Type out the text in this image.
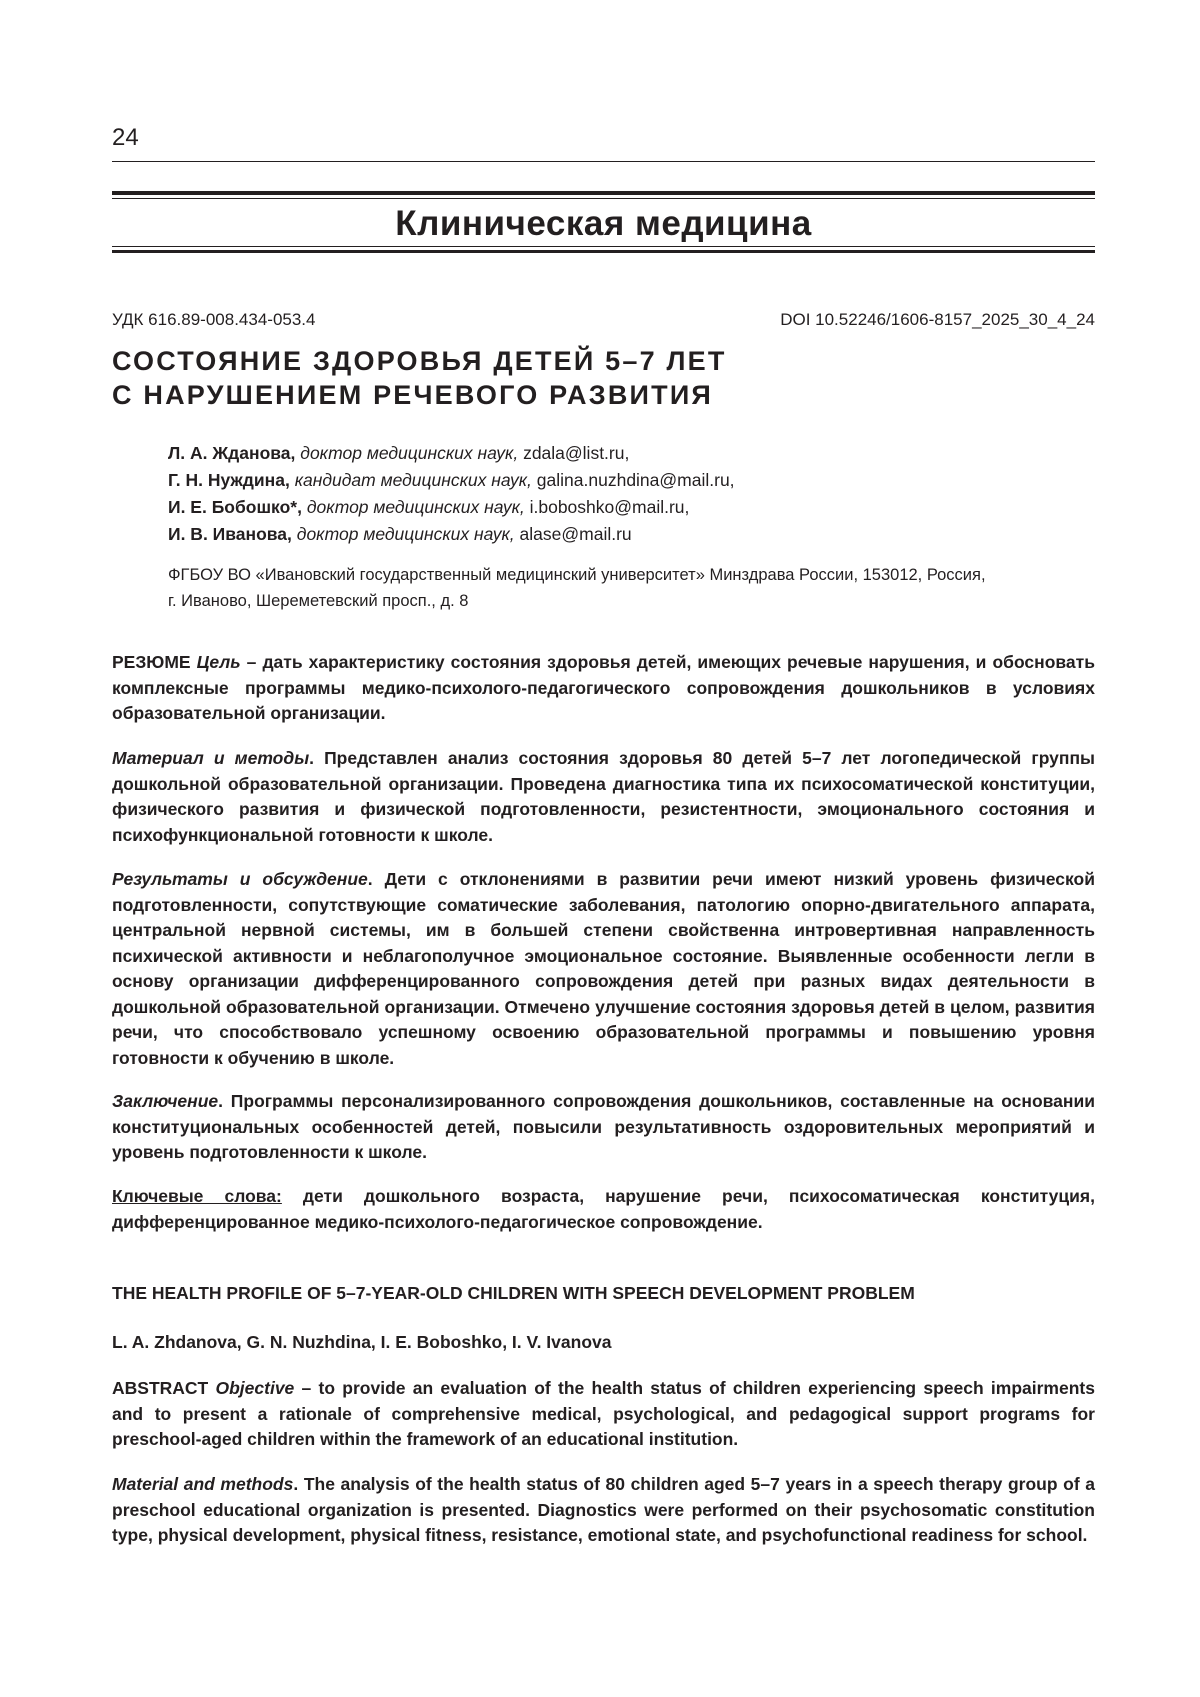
24
Клиническая медицина
УДК 616.89-008.434-053.4	DOI 10.52246/1606-8157_2025_30_4_24
СОСТОЯНИЕ ЗДОРОВЬЯ ДЕТЕЙ 5–7 ЛЕТ
С НАРУШЕНИЕМ РЕЧЕВОГО РАЗВИТИЯ
Л. А. Жданова, доктор медицинских наук, zdala@list.ru,
Г. Н. Нуждина, кандидат медицинских наук, galina.nuzhdina@mail.ru,
И. Е. Бобошко*, доктор медицинских наук, i.boboshko@mail.ru,
И. В. Иванова, доктор медицинских наук, alase@mail.ru
ФГБОУ ВО «Ивановский государственный медицинский университет» Минздрава России, 153012, Россия,
г. Иваново, Шереметевский просп., д. 8

РЕЗЮМЕ Цель – дать характеристику состояния здоровья детей, имеющих речевые нарушения, и обосновать комплексные программы медико-психолого-педагогического сопровождения дошкольников в условиях образовательной организации.

Материал и методы. Представлен анализ состояния здоровья 80 детей 5–7 лет логопедической группы дошкольной образовательной организации. Проведена диагностика типа их психосоматической конституции, физического развития и физической подготовленности, резистентности, эмоционального состояния и психофункциональной готовности к школе.

Результаты и обсуждение. Дети с отклонениями в развитии речи имеют низкий уровень физической подготовленности, сопутствующие соматические заболевания, патологию опорно-двигательного аппарата, центральной нервной системы, им в большей степени свойственна интровертивная направленность психической активности и неблагополучное эмоциональное состояние. Выявленные особенности легли в основу организации дифференцированного сопровождения детей при разных видах деятельности в дошкольной образовательной организации. Отмечено улучшение состояния здоровья детей в целом, развития речи, что способствовало успешному освоению образовательной программы и повышению уровня готовности к обучению в школе.

Заключение. Программы персонализированного сопровождения дошкольников, составленные на основании конституциональных особенностей детей, повысили результативность оздоровительных мероприятий и уровень подготовленности к школе.

Ключевые слова: дети дошкольного возраста, нарушение речи, психосоматическая конституция, дифференцированное медико-психолого-педагогическое сопровождение.

THE HEALTH PROFILE OF 5–7-YEAR-OLD CHILDREN WITH SPEECH DEVELOPMENT PROBLEM

L. A. Zhdanova, G. N. Nuzhdina, I. E. Boboshko, I. V. Ivanova

ABSTRACT Objective – to provide an evaluation of the health status of children experiencing speech impairments and to present a rationale of comprehensive medical, psychological, and pedagogical support programs for preschool-aged children within the framework of an educational institution.

Material and methods. The analysis of the health status of 80 children aged 5–7 years in a speech therapy group of a preschool educational organization is presented. Diagnostics were performed on their psychosomatic constitution type, physical development, physical fitness, resistance, emotional state, and psychofunctional readiness for school.
